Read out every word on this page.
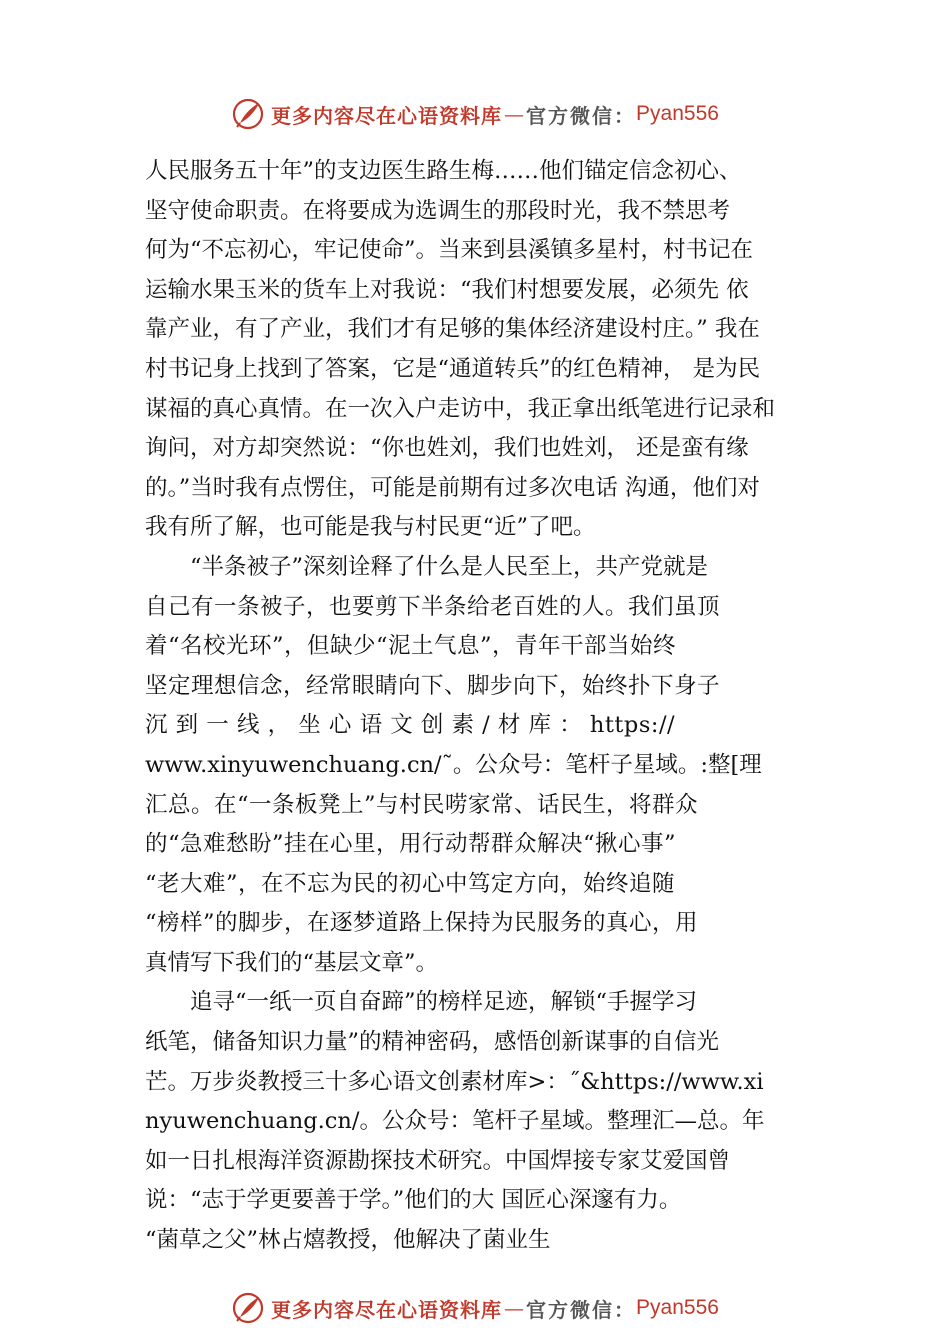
更多内容尽在心语资料库 — 官方微信： Pyan556
人民服务五十年”的支边医生路生梅……他们锚定信念初心、
坚守使命职责。在将要成为选调生的那段时光，我不禁思考
何为“不忘初心，牢记使命”。当来到县溪镇多星村，村书记在
运输水果玉米的货车上对我说：“我们村想要发展，必须先 依
靠产业，有了产业，我们才有足够的集体经济建设村庄。” 我在
村书记身上找到了答案，它是“通道转兵”的红色精神， 是为民
谋福的真心真情。在一次入户走访中，我正拿出纸笔进行记录和
询问，对方却突然说：“你也姓刘，我们也姓刘， 还是蛮有缘
的。”当时我有点愣住，可能是前期有过多次电话 沟通，他们对
我有所了解，也可能是我与村民更“近”了吧。
　　“半条被子”深刻诠释了什么是人民至上，共产党就是
自己有一条被子，也要剪下半条给老百姓的人。我们虽顶
着“名校光环”，但缺少“泥土气息”，青年干部当始终
坚定理想信念，经常眼睛向下、脚步向下，始终扑下身子
沉 到 一 线 ， 坐 心 语 文 创 素 / 材 库 ： https://
www.xinyuwenchuang.cn/˜。公众号：笔杆子星域。:整[理
汇总。在“一条板凳上”与村民唠家常、话民生，将群众
的“急难愁盼”挂在心里，用行动帮群众解决“揪心事”
“老大难”，在不忘为民的初心中笃定方向，始终追随
“榜样”的脚步，在逐梦道路上保持为民服务的真心，用
真情写下我们的“基层文章”。
　　追寻“一纸一页自奋蹄”的榜样足迹，解锁“手握学习
纸笔，储备知识力量”的精神密码，感悟创新谋事的自信光
芒。万步炎教授三十多心语文创素材库>：˝&https://www.xi
nyuwenchuang.cn/。公众号：笔杆子星域。整理汇—总。年
如一日扎根海洋资源勘探技术研究。中国焊接专家艾爱国曾
说：“志于学更要善于学。”他们的大 国匠心深邃有力。
“菌草之父”林占熺教授，他解决了菌业生
更多内容尽在心语资料库 — 官方微信： Pyan556
